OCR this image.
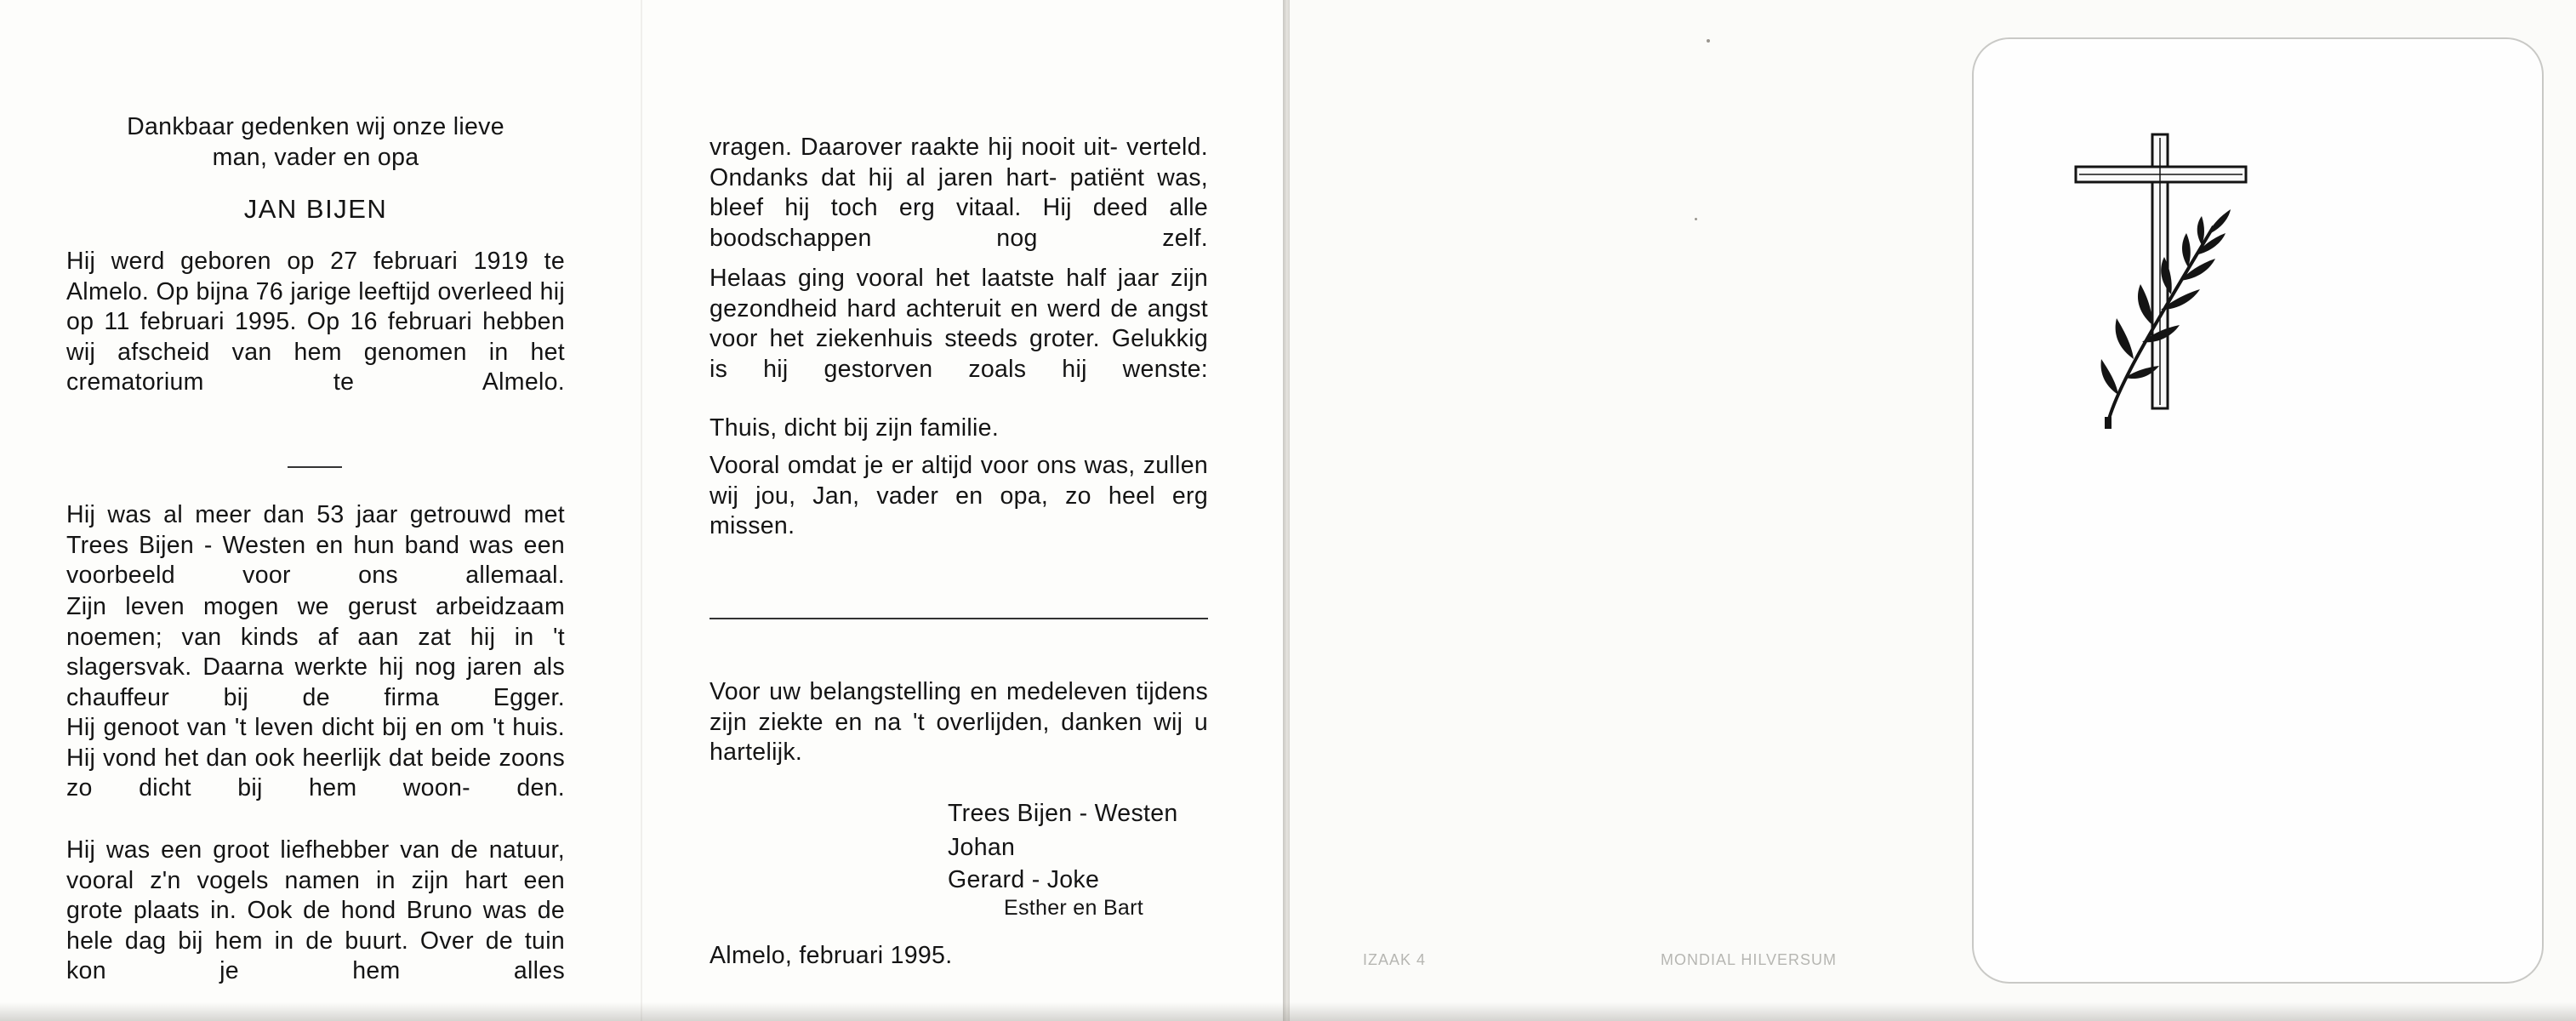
Dankbaar gedenken wij onze lieve
man, vader en opa
JAN BIJEN
Hij werd geboren op 27 februari 1919 te Almelo. Op bijna 76 jarige leeftijd overleed hij op 11 februari 1995. Op 16 februari hebben wij afscheid van hem genomen in het crematorium te Almelo.
Hij was al meer dan 53 jaar getrouwd met Trees Bijen - Westen en hun band was een voorbeeld voor ons allemaal.
Zijn leven mogen we gerust arbeidzaam noemen; van kinds af aan zat hij in 't slagersvak. Daarna werkte hij nog jaren als chauffeur bij de firma Egger.
Hij genoot van 't leven dicht bij en om 't huis. Hij vond het dan ook heerlijk dat beide zoons zo dicht bij hem woon- den.
Hij was een groot liefhebber van de natuur, vooral z'n vogels namen in zijn hart een grote plaats in. Ook de hond Bruno was de hele dag bij hem in de buurt. Over de tuin kon je hem alles
vragen. Daarover raakte hij nooit uit- verteld. Ondanks dat hij al jaren hart- patiënt was, bleef hij toch erg vitaal. Hij deed alle boodschappen nog zelf.
Helaas ging vooral het laatste half jaar zijn gezondheid hard achteruit en werd de angst voor het ziekenhuis steeds groter. Gelukkig is hij gestorven zoals hij wenste:
Thuis, dicht bij zijn familie.
Vooral omdat je er altijd voor ons was, zullen wij jou, Jan, vader en opa, zo heel erg missen.
Voor uw belangstelling en medeleven tijdens zijn ziekte en na 't overlijden, danken wij u hartelijk.
Trees Bijen - Westen
Johan
Gerard - Joke
Esther en Bart
Almelo, februari 1995.	IZAAK 4	MONDIAL HILVERSUM
